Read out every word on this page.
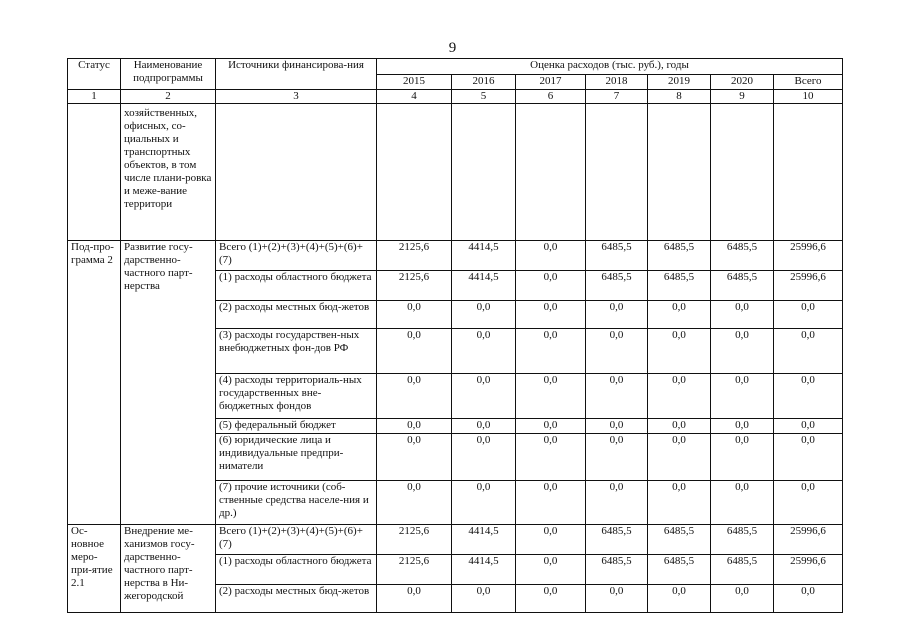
9
Статус	Наименование подпрограммы	Источники финансирова-ния	Оценка расходов (тыс. руб.), годы						
			2015	2016	2017	2018	2019	2020	Всего
1	2	3	4	5	6	7	8	9	10
	хозяйственных, офисных, со-циальных и транспортных объектов, в том числе плани-ровка и меже-вание территори								
Под-про-грамма 2	Развитие госу-дарственно-частного парт-нерства	Всего (1)+(2)+(3)+(4)+(5)+(6)+(7)	2125,6	4414,5	0,0	6485,5	6485,5	6485,5	25996,6
		(1) расходы областного бюджета	2125,6	4414,5	0,0	6485,5	6485,5	6485,5	25996,6
		(2) расходы местных бюд-жетов	0,0	0,0	0,0	0,0	0,0	0,0	0,0
		(3) расходы государствен-ных внебюджетных фон-дов РФ	0,0	0,0	0,0	0,0	0,0	0,0	0,0
		(4) расходы территориаль-ных государственных вне-бюджетных фондов	0,0	0,0	0,0	0,0	0,0	0,0	0,0
		(5) федеральный бюджет	0,0	0,0	0,0	0,0	0,0	0,0	0,0
		(6) юридические лица и индивидуальные предпри-ниматели	0,0	0,0	0,0	0,0	0,0	0,0	0,0
		(7) прочие источники (соб-ственные средства населе-ния и др.)	0,0	0,0	0,0	0,0	0,0	0,0	0,0
Ос-новное меро-при-ятие 2.1	Внедрение ме-ханизмов госу-дарственно-частного парт-нерства в Ни-жегородской	Всего (1)+(2)+(3)+(4)+(5)+(6)+(7)	2125,6	4414,5	0,0	6485,5	6485,5	6485,5	25996,6
		(1) расходы областного бюджета	2125,6	4414,5	0,0	6485,5	6485,5	6485,5	25996,6
		(2) расходы местных бюд-жетов	0,0	0,0	0,0	0,0	0,0	0,0	0,0
